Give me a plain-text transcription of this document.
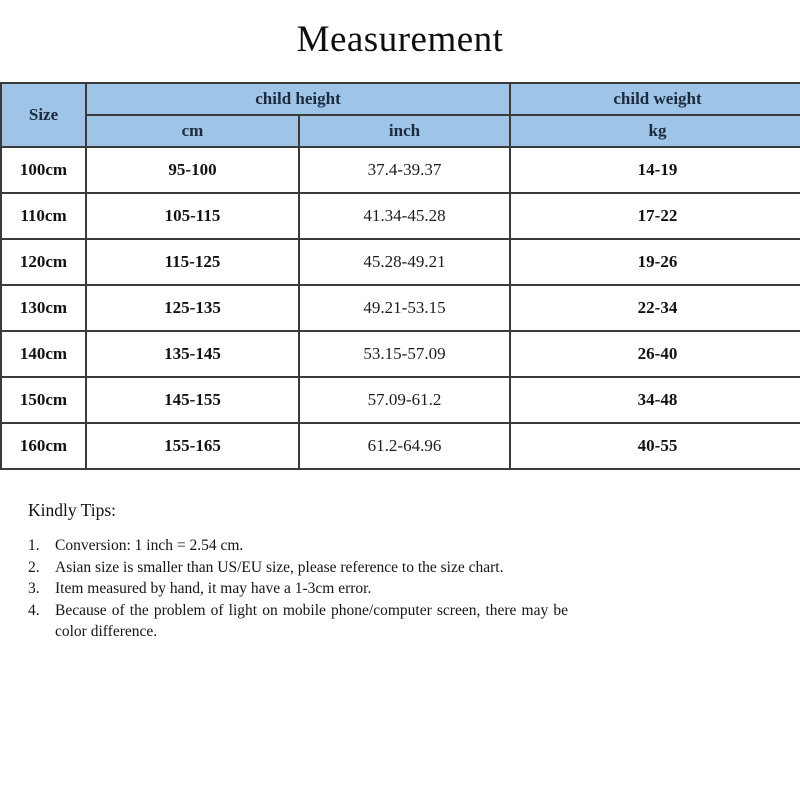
Measurement
Size	child height		child weight
	cm	inch	kg
100cm	95-100	37.4-39.37	14-19
110cm	105-115	41.34-45.28	17-22
120cm	115-125	45.28-49.21	19-26
130cm	125-135	49.21-53.15	22-34
140cm	135-145	53.15-57.09	26-40
150cm	145-155	57.09-61.2	34-48
160cm	155-165	61.2-64.96	40-55
Kindly Tips:
1. Conversion: 1 inch = 2.54 cm.
2. Asian size is smaller than US/EU size, please reference to the size chart.
3. Item measured by hand, it may have a 1-3cm error.
4. Because of the problem of light on mobile phone/computer screen, there may be color difference.
